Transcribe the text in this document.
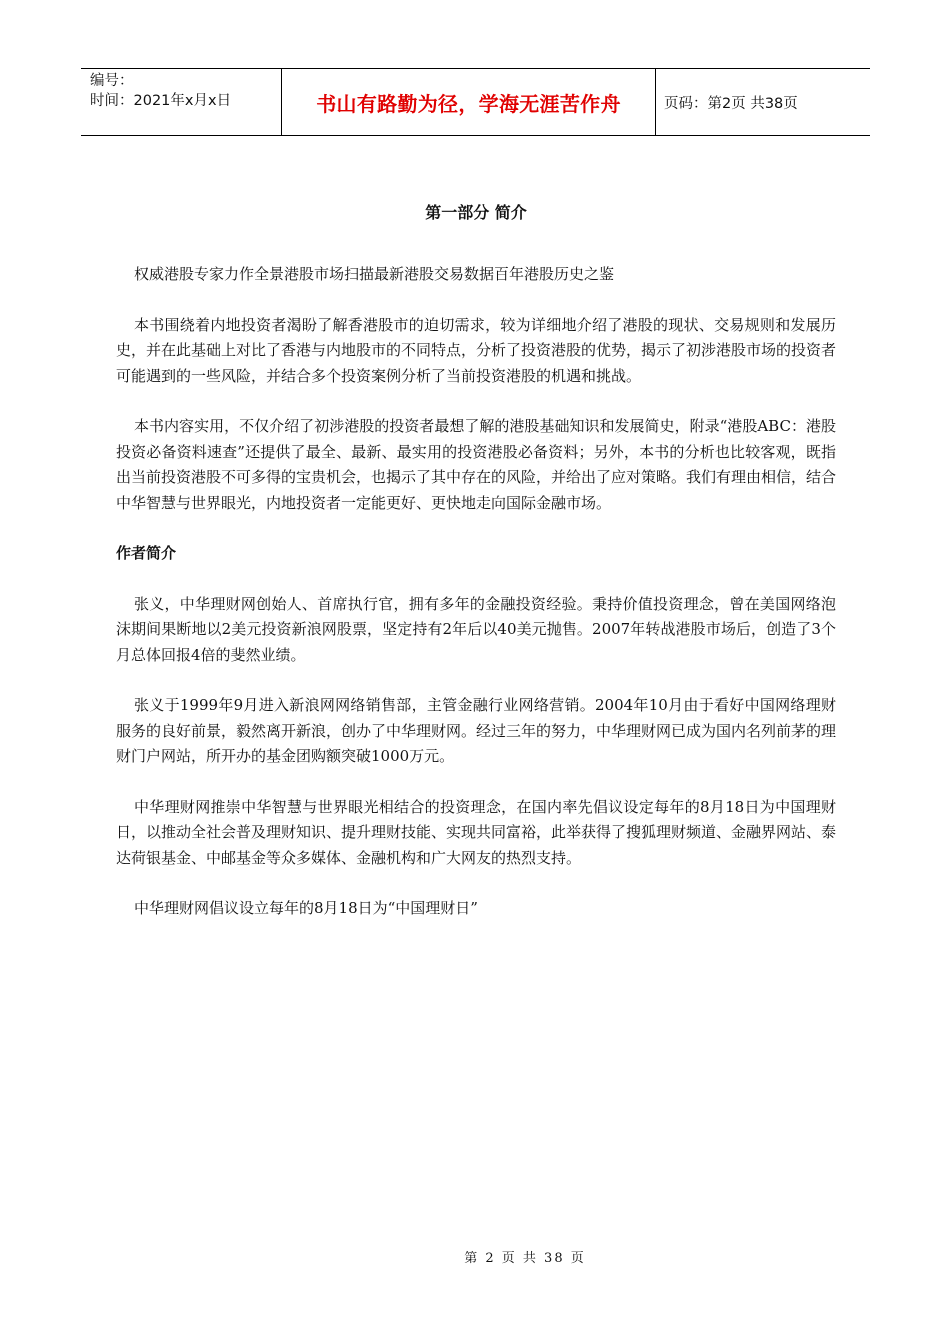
编号：
时间：2021年x月x日	书山有路勤为径，学海无涯苦作舟	页码：第2页 共38页
第一部分 简介

权威港股专家力作全景港股市场扫描最新港股交易数据百年港股历史之鉴

本书围绕着内地投资者渴盼了解香港股市的迫切需求，较为详细地介绍了港股的现状、交易规则和发展历史，并在此基础上对比了香港与内地股市的不同特点，分析了投资港股的优势，揭示了初涉港股市场的投资者可能遇到的一些风险，并结合多个投资案例分析了当前投资港股的机遇和挑战。

本书内容实用，不仅介绍了初涉港股的投资者最想了解的港股基础知识和发展简史，附录“港股ABC：港股投资必备资料速查”还提供了最全、最新、最实用的投资港股必备资料；另外，本书的分析也比较客观，既指出当前投资港股不可多得的宝贵机会，也揭示了其中存在的风险，并给出了应对策略。我们有理由相信，结合中华智慧与世界眼光，内地投资者一定能更好、更快地走向国际金融市场。

作者简介

张义，中华理财网创始人、首席执行官，拥有多年的金融投资经验。秉持价值投资理念，曾在美国网络泡沫期间果断地以2美元投资新浪网股票，坚定持有2年后以40美元抛售。2007年转战港股市场后，创造了3个月总体回报4倍的斐然业绩。

张义于1999年9月进入新浪网网络销售部，主管金融行业网络营销。2004年10月由于看好中国网络理财服务的良好前景，毅然离开新浪，创办了中华理财网。经过三年的努力，中华理财网已成为国内名列前茅的理财门户网站，所开办的基金团购额突破1000万元。

中华理财网推崇中华智慧与世界眼光相结合的投资理念，在国内率先倡议设定每年的8月18日为中国理财日，以推动全社会普及理财知识、提升理财技能、实现共同富裕，此举获得了搜狐理财频道、金融界网站、泰达荷银基金、中邮基金等众多媒体、金融机构和广大网友的热烈支持。

中华理财网倡议设立每年的8月18日为“中国理财日”

第 2 页 共 38 页
